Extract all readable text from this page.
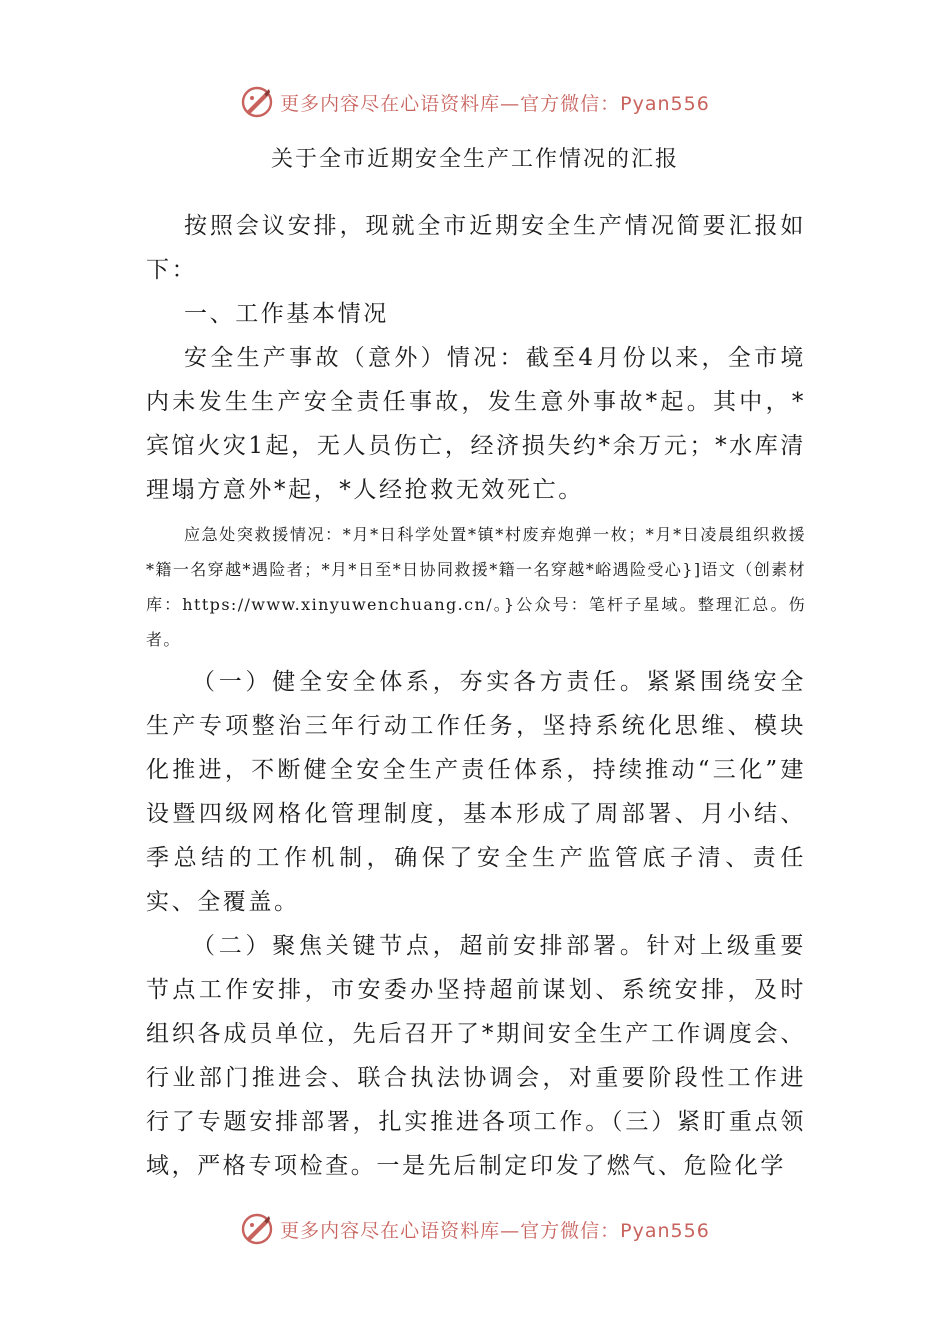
更多内容尽在心语资料库—官方微信：Pyan556
关于全市近期安全生产工作情况的汇报

按照会议安排，现就全市近期安全生产情况简要汇报如下：

一、工作基本情况

安全生产事故（意外）情况：截至4月份以来，全市境内未发生生产安全责任事故，发生意外事故*起。其中，*宾馆火灾1起，无人员伤亡，经济损失约*余万元；*水库清理塌方意外*起，*人经抢救无效死亡。

应急处突救援情况：*月*日科学处置*镇*村废弃炮弹一枚；*月*日凌晨组织救援*籍一名穿越*遇险者；*月*日至*日协同救援*籍一名穿越*峪遇险受心}]语文（创素材库：https://www.xinyuwenchuang.cn/。}公众号：笔杆子星域。整理汇总。伤者。

（一）健全安全体系，夯实各方责任。紧紧围绕安全生产专项整治三年行动工作任务，坚持系统化思维、模块化推进，不断健全安全生产责任体系，持续推动“三化”建设暨四级网格化管理制度，基本形成了周部署、月小结、季总结的工作机制，确保了安全生产监管底子清、责任实、全覆盖。

（二）聚焦关键节点，超前安排部署。针对上级重要节点工作安排，市安委办坚持超前谋划、系统安排，及时组织各成员单位，先后召开了*期间安全生产工作调度会、行业部门推进会、联合执法协调会，对重要阶段性工作进行了专题安排部署，扎实推进各项工作。（三）紧盯重点领域，严格专项检查。一是先后制定印发了燃气、危险化学

更多内容尽在心语资料库—官方微信：Pyan556
